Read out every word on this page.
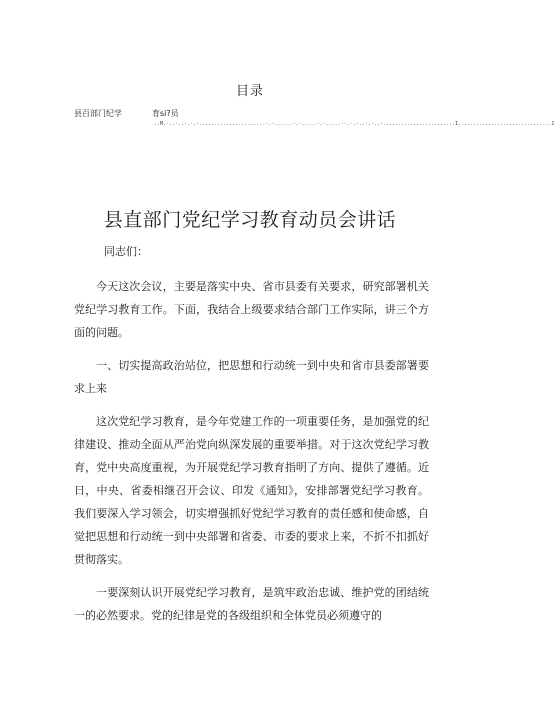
目录
县百部门纪学	育si?员
..M.·..·..·.·.·......................·.·......·.·.....·.·.....··.·.·..·.·..·........................I...............................1
县直部门党纪学习教育动员会讲话

同志们：

今天这次会议，主要是落实中央、省市县委有关要求，研究部署机关党纪学习教育工作。下面，我结合上级要求结合部门工作实际，讲三个方面的问题。

一、切实提高政治站位，把思想和行动统一到中央和省市县委部署要求上来

这次党纪学习教育，是今年党建工作的一项重要任务，是加强党的纪律建设、推动全面从严治党向纵深发展的重要举措。对于这次党纪学习教育，党中央高度重视，为开展党纪学习教育指明了方向、提供了遵循。近日，中央、省委相继召开会议、印发《通知》，安排部署党纪学习教育。我们要深入学习领会，切实增强抓好党纪学习教育的责任感和使命感，自觉把思想和行动统一到中央部署和省委、市委的要求上来，不折不扣抓好贯彻落实。

一要深刻认识开展党纪学习教育，是筑牢政治忠诚、维护党的团结统一的必然要求。党的纪律是党的各级组织和全体党员必须遵守的
